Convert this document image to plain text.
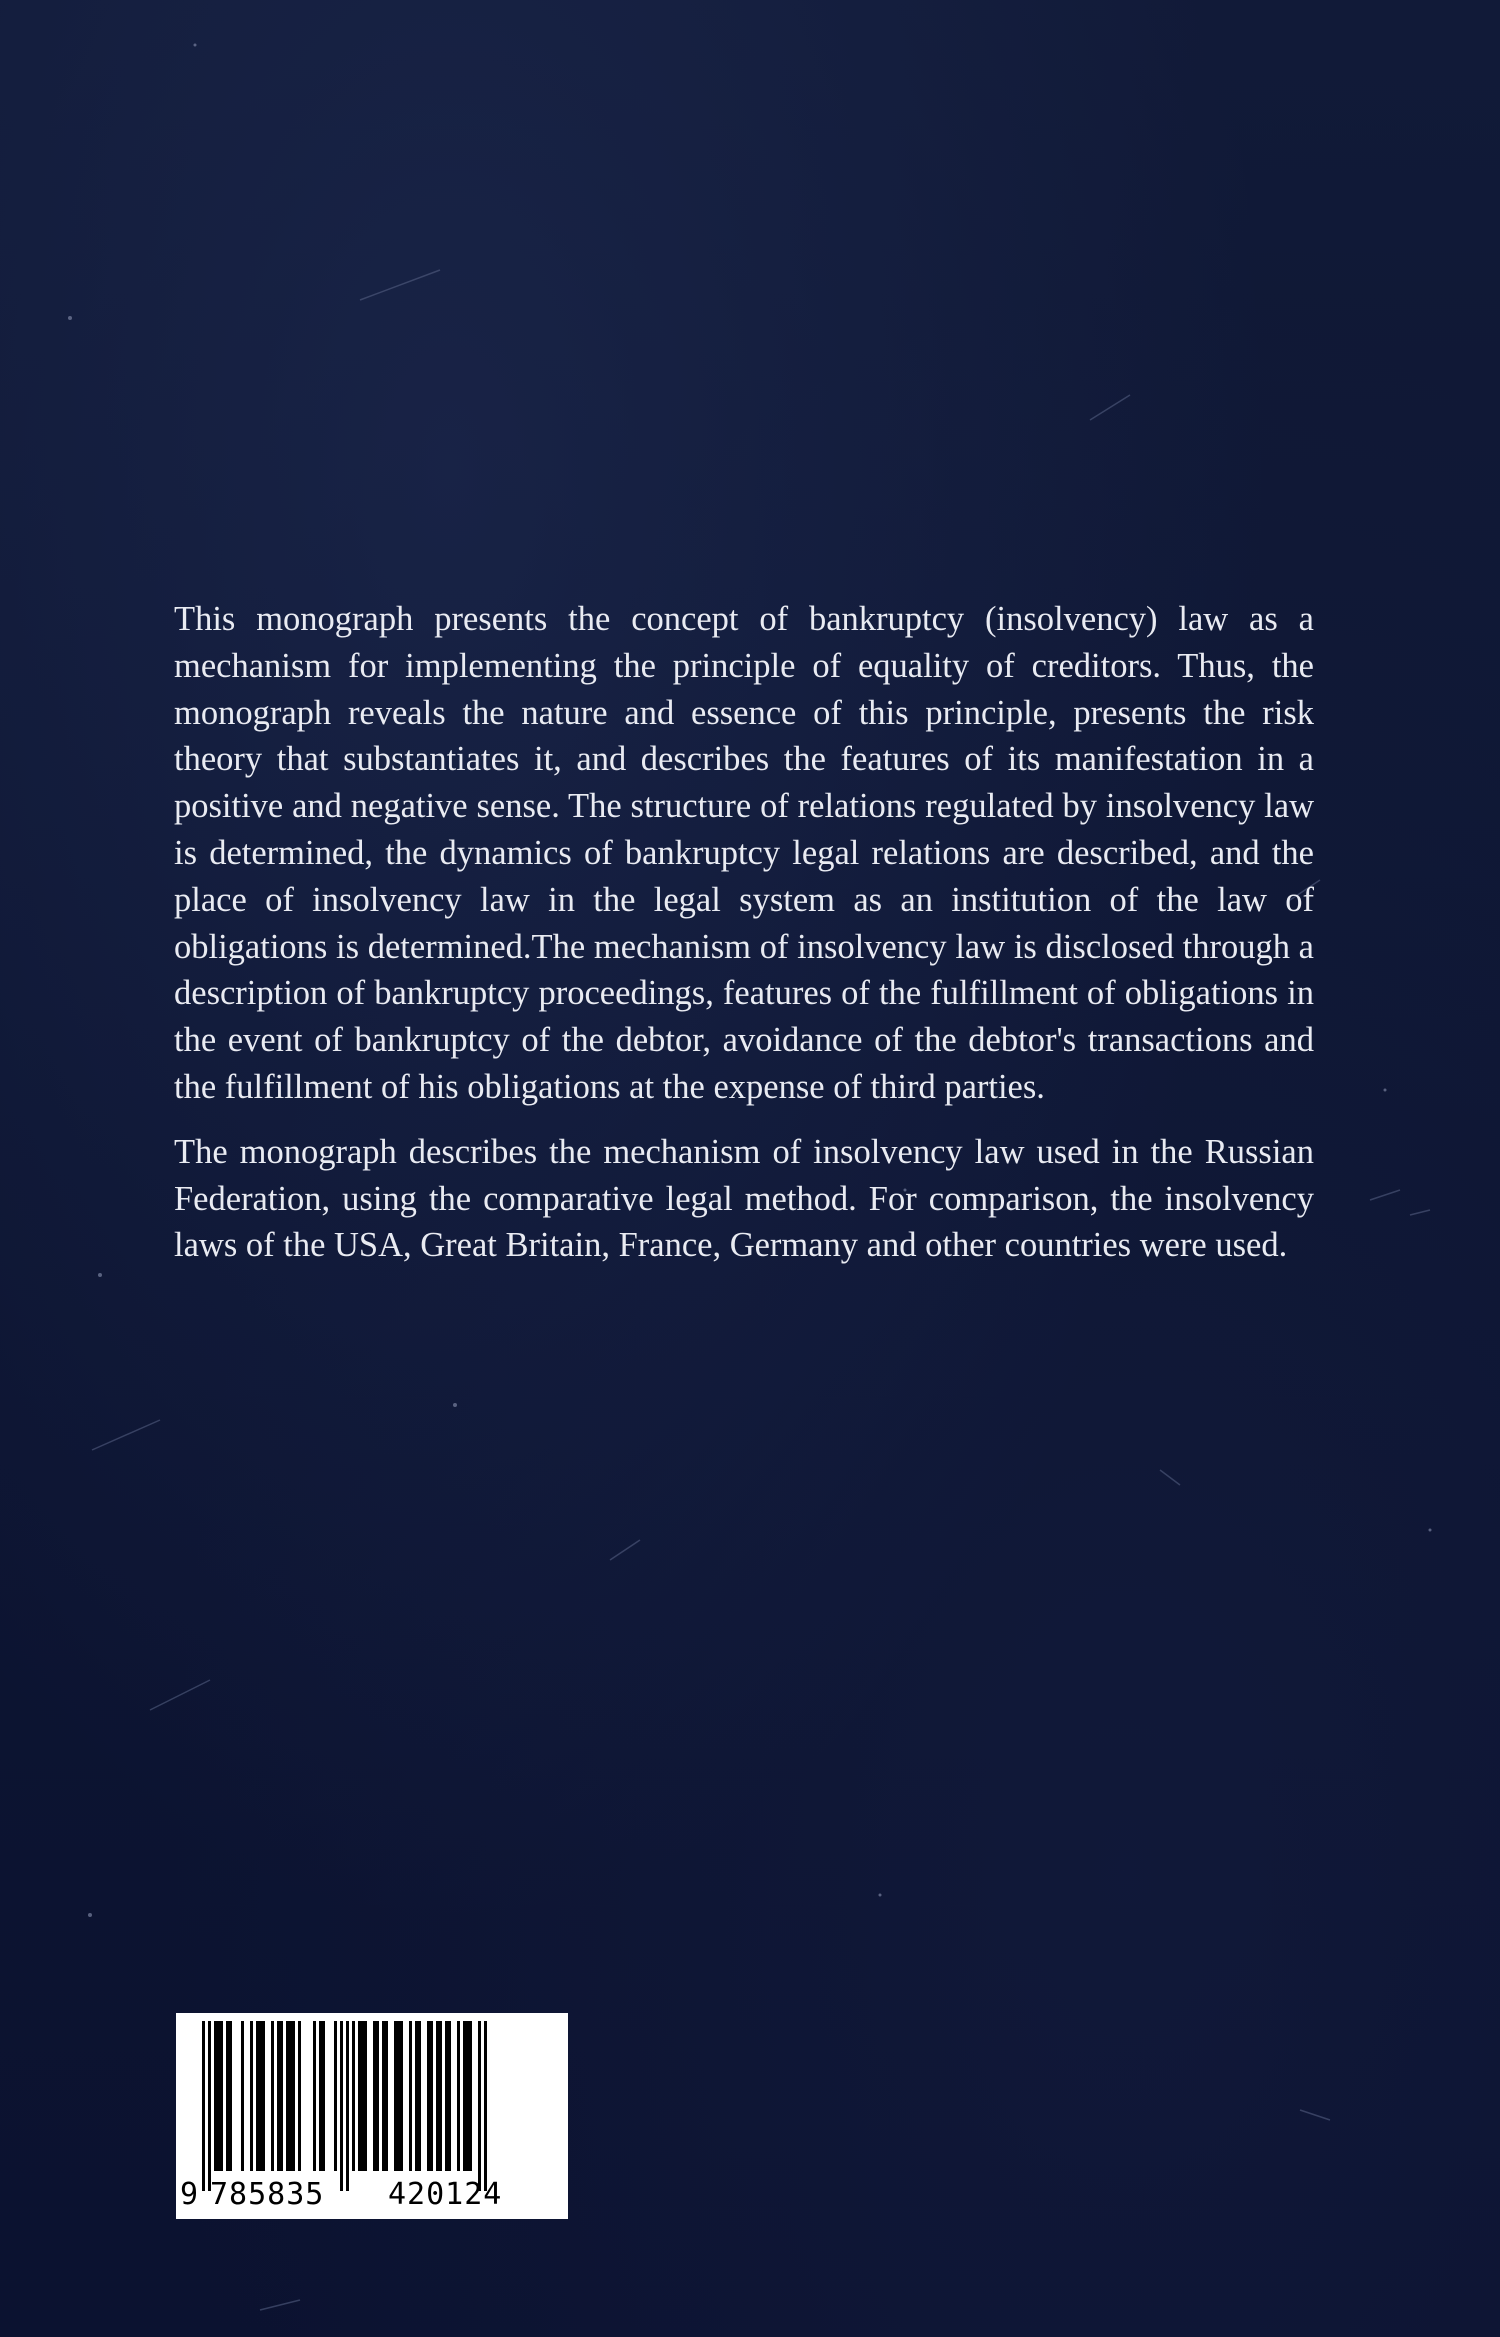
This monograph presents the concept of bankruptcy (insolvency) law as a mechanism for implementing the principle of equality of creditors. Thus, the monograph reveals the nature and essence of this principle, presents the risk theory that substantiates it, and describes the features of its manifestation in a positive and negative sense. The structure of relations regulated by insolvency law is determined, the dynamics of bankruptcy legal relations are described, and the place of insolvency law in the legal system as an institution of the law of obligations is determined.The mechanism of insolvency law is disclosed through a description of bankruptcy proceedings, features of the fulfillment of obligations in the event of bankruptcy of the debtor, avoidance of the debtor's transactions and the fulfillment of his obligations at the expense of third parties.

The monograph describes the mechanism of insolvency law used in the Russian Federation, using the comparative legal method. For comparison, the insolvency laws of the USA, Great Britain, France, Germany and other countries were used.

9 785835 420124
